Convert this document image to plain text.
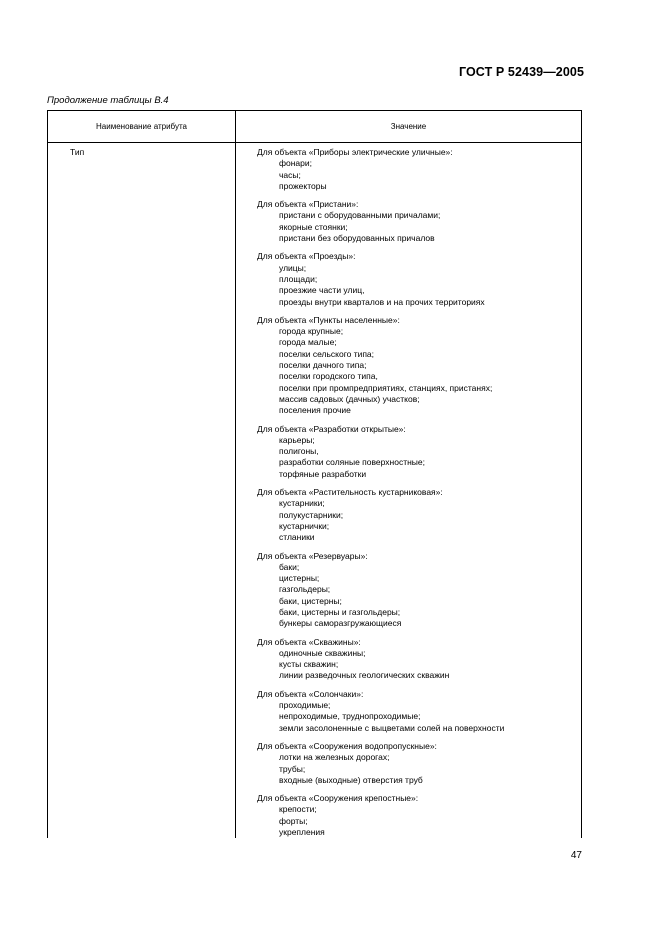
ГОСТ Р 52439—2005
Продолжение таблицы В.4
Наименование атрибута	Значение
Тип	Для объекта «Приборы электрические уличные»:
фонари;
часы;
прожекторы
Для объекта «Пристани»:
пристани с оборудованными причалами;
якорные стоянки;
пристани без оборудованных причалов
Для объекта «Проезды»:
улицы;
площади;
проезжие части улиц,
проезды внутри кварталов и на прочих территориях
Для объекта «Пункты населенные»:
города крупные;
города малые;
поселки сельского типа;
поселки дачного типа;
поселки городского типа,
поселки при промпредприятиях, станциях, пристанях;
массив садовых (дачных) участков;
поселения прочие
Для объекта «Разработки открытые»:
карьеры;
полигоны,
разработки соляные поверхностные;
торфяные разработки
Для объекта «Растительность кустарниковая»:
кустарники;
полукустарники;
кустарнички;
стланики
Для объекта «Резервуары»:
баки;
цистерны;
газгольдеры;
баки, цистерны;
баки, цистерны и газгольдеры;
бункеры саморазгружающиеся
Для объекта «Скважины»:
одиночные скважины;
кусты скважин;
линии разведочных геологических скважин
Для объекта «Солончаки»:
проходимые;
непроходимые, труднопроходимые;
земли засолоненные с выцветами солей на поверхности
Для объекта «Сооружения водопропускные»:
лотки на железных дорогах;
трубы;
входные (выходные) отверстия труб
Для объекта «Сооружения крепостные»:
крепости;
форты;
укрепления
47
